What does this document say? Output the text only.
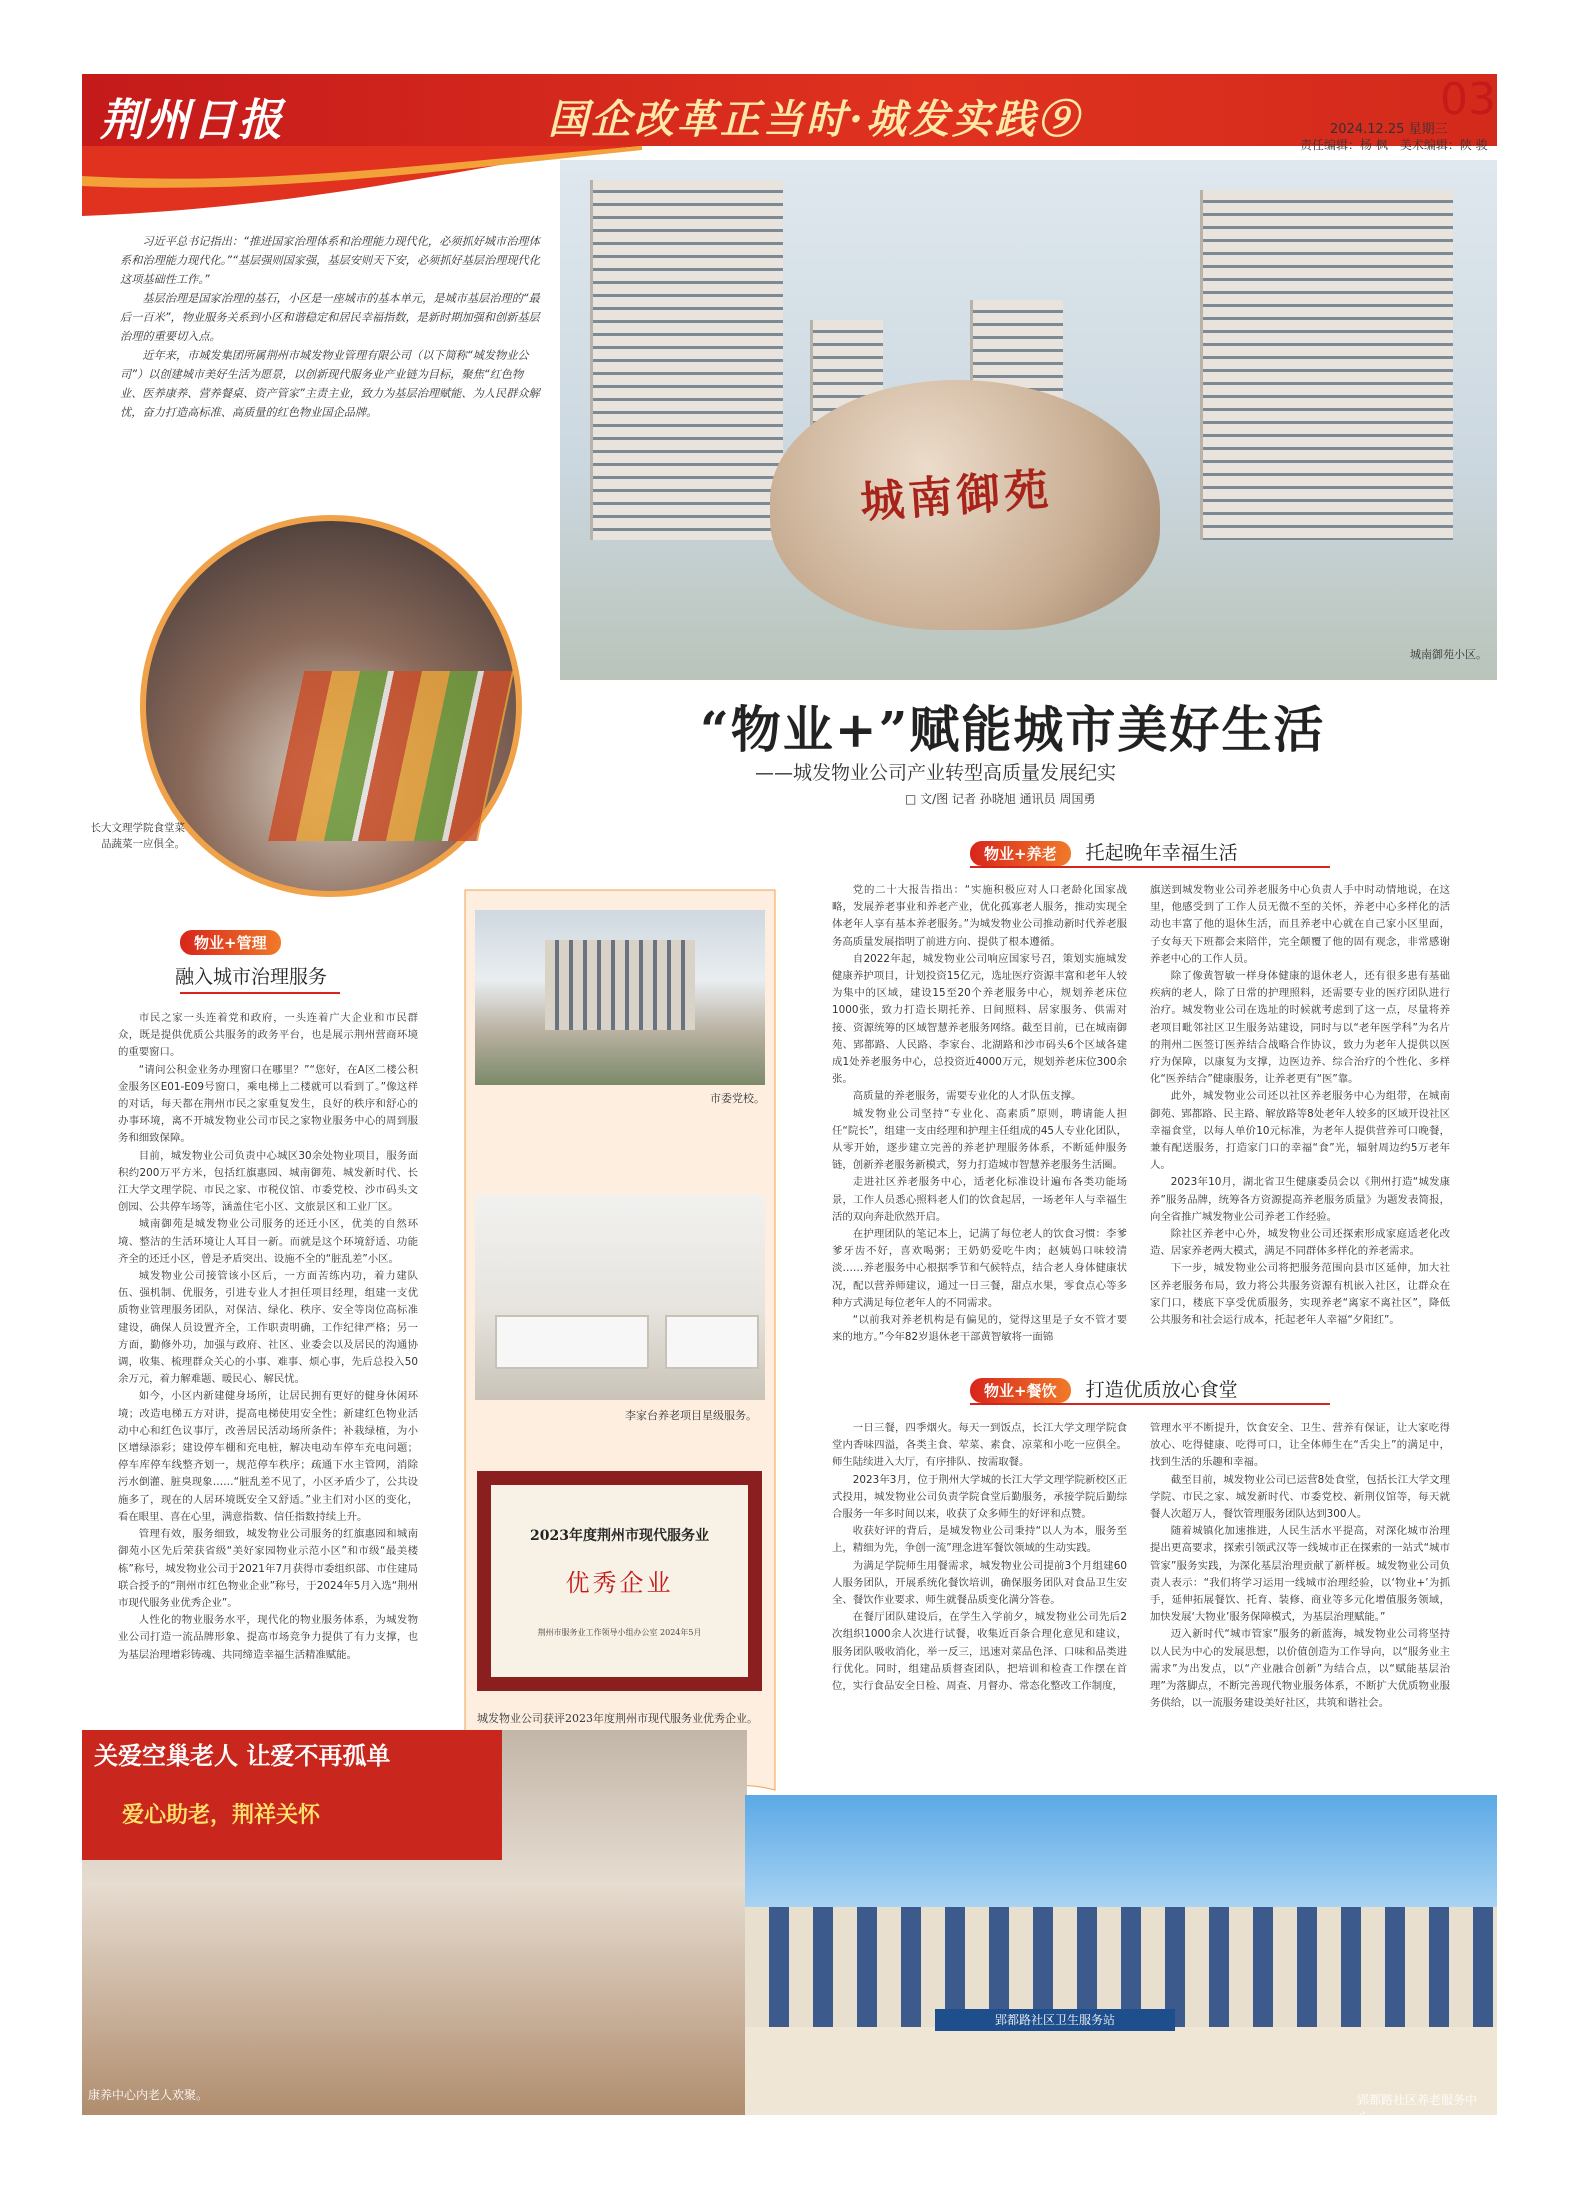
荆州日报	国企改革正当时·城发实践⑨	03
2024.12.25 星期三
责任编辑：杨 枫　美术编辑：陕 骏

习近平总书记指出：“推进国家治理体系和治理能力现代化，必须抓好城市治理体系和治理能力现代化。”“基层强则国家强，基层安则天下安，必须抓好基层治理现代化这项基础性工作。”

基层治理是国家治理的基石，小区是一座城市的基本单元，是城市基层治理的“最后一百米”，物业服务关系到小区和谐稳定和居民幸福指数，是新时期加强和创新基层治理的重要切入点。

近年来，市城发集团所属荆州市城发物业管理有限公司（以下简称“城发物业公司”）以创建城市美好生活为愿景，以创新现代服务业产业链为目标，聚焦“红色物业、医养康养、营养餐桌、资产管家”主责主业，致力为基层治理赋能、为人民群众解忧，奋力打造高标准、高质量的红色物业国企品牌。

城南御苑
城南御苑小区。
长大文理学院食堂菜品蔬菜一应俱全。
“物业+”赋能城市美好生活
——城发物业公司产业转型高质量发展纪实
□ 文/图 记者 孙晓旭 通讯员 周国勇
物业+管理
融入城市治理服务

市民之家一头连着党和政府，一头连着广大企业和市民群众，既是提供优质公共服务的政务平台，也是展示荆州营商环境的重要窗口。

“请问公积金业务办理窗口在哪里？”“您好，在A区二楼公积金服务区E01-E09号窗口，乘电梯上二楼就可以看到了。”像这样的对话，每天都在荆州市民之家重复发生，良好的秩序和舒心的办事环境，离不开城发物业公司市民之家物业服务中心的周到服务和细致保障。

目前，城发物业公司负责中心城区30余处物业项目，服务面积约200万平方米，包括红旗惠园、城南御苑、城发新时代、长江大学文理学院、市民之家、市税仪馆、市委党校、沙市码头文创园、公共停车场等，涵盖住宅小区、文旅景区和工业厂区。

城南御苑是城发物业公司服务的还迁小区，优美的自然环境、整洁的生活环境让人耳目一新。而就是这个环境舒适、功能齐全的还迁小区，曾是矛盾突出、设施不全的“脏乱差”小区。

城发物业公司接管该小区后，一方面苦练内功，着力建队伍、强机制、优服务，引进专业人才担任项目经理，组建一支优质物业管理服务团队，对保洁、绿化、秩序、安全等岗位高标准建设，确保人员设置齐全，工作职责明确，工作纪律严格；另一方面，勤修外功，加强与政府、社区、业委会以及居民的沟通协调，收集、梳理群众关心的小事、难事、烦心事，先后总投入50余万元，着力解难题、暖民心、解民忧。

如今，小区内新建健身场所，让居民拥有更好的健身休闲环境；改造电梯五方对讲，提高电梯使用安全性；新建红色物业活动中心和红色议事厅，改善居民活动场所条件；补栽绿植，为小区增绿添彩；建设停车棚和充电桩，解决电动车停车充电问题；停车库停车线整齐划一，规范停车秩序；疏通下水主管网，消除污水倒灌、脏臭现象……“脏乱差不见了，小区矛盾少了，公共设施多了，现在的人居环境既安全又舒适。”业主们对小区的变化，看在眼里、喜在心里，满意指数、信任指数持续上升。

管理有效，服务细致，城发物业公司服务的红旗惠园和城南御苑小区先后荣获省级“美好家园物业示范小区”和市级“最美楼栋”称号，城发物业公司于2021年7月获得市委组织部、市住建局联合授予的“荆州市红色物业企业”称号，于2024年5月入选“荆州市现代服务业优秀企业”。

人性化的物业服务水平，现代化的物业服务体系，为城发物业公司打造一流品牌形象、提高市场竞争力提供了有力支撑，也为基层治理增彩铸魂、共同缔造幸福生活精准赋能。

市委党校。
李家台养老项目星级服务。
2023年度荆州市现代服务业
优秀企业
荆州市服务业工作领导小组办公室 2024年5月
城发物业公司获评2023年度荆州市现代服务业优秀企业。
物业+养老 托起晚年幸福生活

党的二十大报告指出：“实施积极应对人口老龄化国家战略，发展养老事业和养老产业，优化孤寡老人服务，推动实现全体老年人享有基本养老服务。”为城发物业公司推动新时代养老服务高质量发展指明了前进方向、提供了根本遵循。

自2022年起，城发物业公司响应国家号召，策划实施城发健康养护项目，计划投资15亿元，选址医疗资源丰富和老年人较为集中的区域，建设15至20个养老服务中心，规划养老床位1000张，致力打造长期托养、日间照料、居家服务、供需对接、资源统筹的区域智慧养老服务网络。截至目前，已在城南御苑、郢都路、人民路、李家台、北湖路和沙市码头6个区域各建成1处养老服务中心，总投资近4000万元，规划养老床位300余张。

高质量的养老服务，需要专业化的人才队伍支撑。

城发物业公司坚持“专业化、高素质”原则，聘请能人担任“院长”，组建一支由经理和护理主任组成的45人专业化团队，从零开始，逐步建立完善的养老护理服务体系，不断延伸服务链，创新养老服务新模式，努力打造城市智慧养老服务生活圈。

走进社区养老服务中心，适老化标准设计遍布各类功能场景，工作人员悉心照料老人们的饮食起居，一场老年人与幸福生活的双向奔赴欣然开启。

在护理团队的笔记本上，记满了每位老人的饮食习惯：李爹爹牙齿不好，喜欢喝粥；王奶奶爱吃牛肉；赵姨妈口味较清淡……养老服务中心根据季节和气候特点，结合老人身体健康状况，配以营养师建议，通过一日三餐，甜点水果，零食点心等多种方式满足每位老年人的不同需求。

“以前我对养老机构是有偏见的，觉得这里是子女不管才要来的地方。”今年82岁退休老干部黄智敏将一面锦

旗送到城发物业公司养老服务中心负责人手中时动情地说，在这里，他感受到了工作人员无微不至的关怀，养老中心多样化的活动也丰富了他的退休生活，而且养老中心就在自己家小区里面，子女每天下班都会来陪伴，完全颠覆了他的固有观念，非常感谢养老中心的工作人员。

除了像黄智敏一样身体健康的退休老人，还有很多患有基础疾病的老人，除了日常的护理照料，还需要专业的医疗团队进行治疗。城发物业公司在选址的时候就考虑到了这一点，尽量将养老项目毗邻社区卫生服务站建设，同时与以“老年医学科”为名片的荆州二医签订医养结合战略合作协议，致力为老年人提供以医疗为保障，以康复为支撑，边医边养、综合治疗的个性化、多样化“医养结合”健康服务，让养老更有“医”靠。

此外，城发物业公司还以社区养老服务中心为组带，在城南御苑、郢都路、民主路、解放路等8处老年人较多的区域开设社区幸福食堂，以每人单价10元标准，为老年人提供营养可口晚餐，兼有配送服务，打造家门口的幸福“食”光，辐射周边约5万老年人。

2023年10月，湖北省卫生健康委员会以《荆州打造“城发康养”服务品牌，统筹各方资源提高养老服务质量》为题发表简报，向全省推广城发物业公司养老工作经验。

除社区养老中心外，城发物业公司还探索形成家庭适老化改造、居家养老两大模式，满足不同群体多样化的养老需求。

下一步，城发物业公司将把服务范围向县市区延伸，加大社区养老服务布局，致力将公共服务资源有机嵌入社区，让群众在家门口，楼底下享受优质服务，实现养老“离家不离社区”，降低公共服务和社会运行成本，托起老年人幸福“夕阳红”。

物业+餐饮 打造优质放心食堂

一日三餐，四季烟火。每天一到饭点，长江大学文理学院食堂内香味四溢，各类主食、荤菜、素食、凉菜和小吃一应俱全。师生陆续进入大厅，有序排队、按需取餐。

2023年3月，位于荆州大学城的长江大学文理学院新校区正式投用，城发物业公司负责学院食堂后勤服务，承接学院后勤综合服务一年多时间以来，收获了众多师生的好评和点赞。

收获好评的背后，是城发物业公司秉持“以人为本，服务至上，精细为先，争创一流”理念进军餐饮领域的生动实践。

为满足学院师生用餐需求，城发物业公司提前3个月组建60人服务团队，开展系统化餐饮培训，确保服务团队对食品卫生安全、餐饮作业要求、师生就餐品质变化满分答卷。

在餐厅团队建设后，在学生入学前夕，城发物业公司先后2次组织1000余人次进行试餐，收集近百条合理化意见和建议，服务团队吸收消化，举一反三，迅速对菜品色泽、口味和品类进行优化。同时，组建品质督查团队，把培训和检查工作摆在首位，实行食品安全日检、周查、月督办、常态化整改工作制度，

管理水平不断提升，饮食安全、卫生、营养有保证，让大家吃得放心、吃得健康、吃得可口，让全体师生在“舌尖上”的满足中，找到生活的乐趣和幸福。

截至目前，城发物业公司已运营8处食堂，包括长江大学文理学院、市民之家、城发新时代、市委党校、新荆仪馆等，每天就餐人次超万人，餐饮管理服务团队达到300人。

随着城镇化加速推进，人民生活水平提高，对深化城市治理提出更高要求，探索引领武汉等一线城市正在探索的一站式“城市管家”服务实践，为深化基层治理贡献了新样板。城发物业公司负责人表示：“我们将学习运用一线城市治理经验，以‘物业+’为抓手，延伸拓展餐饮、托育、装修、商业等多元化增值服务领域，加快发展‘大物业’服务保障模式，为基层治理赋能。”

迈入新时代“城市管家”服务的新蓝海，城发物业公司将坚持以人民为中心的发展思想，以价值创造为工作导向，以“服务业主需求”为出发点，以“产业融合创新”为结合点，以“赋能基层治理”为落脚点，不断完善现代物业服务体系，不断扩大优质物业服务供给，以一流服务建设美好社区，共筑和谐社会。

关爱空巢老人 让爱不再孤单
爱心助老，荆祥关怀
康养中心内老人欢聚。
郢都路社区卫生服务站
郢都路社区养老服务中心。
